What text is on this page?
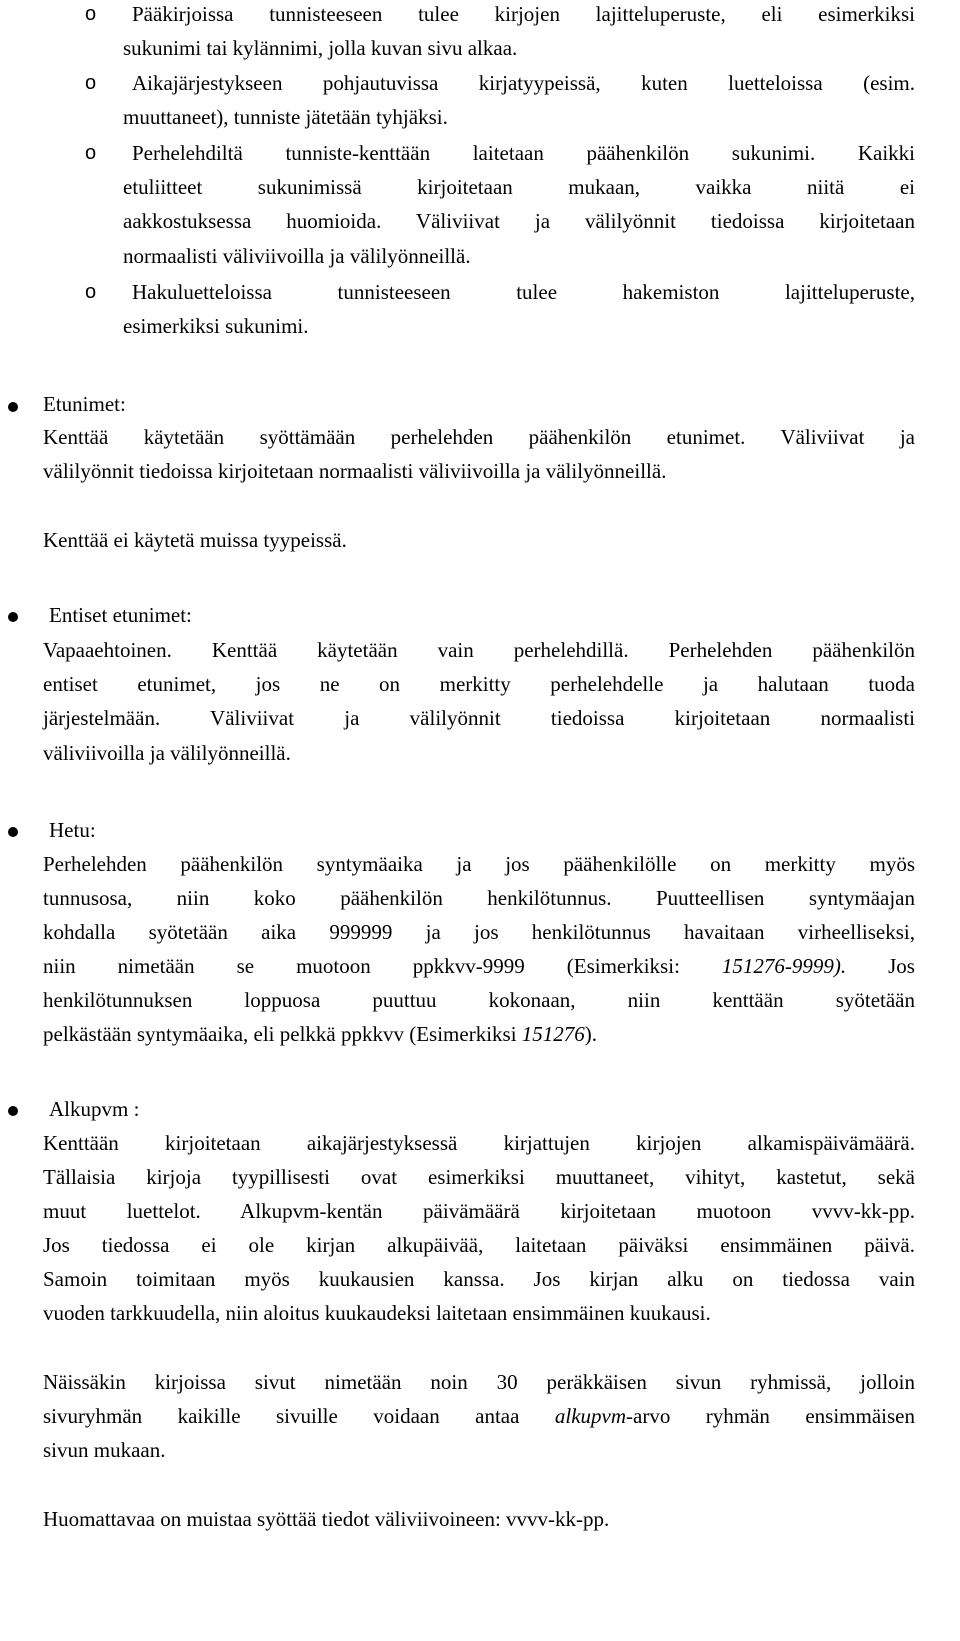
o Pääkirjoissa tunnisteeseen tulee kirjojen lajitteluperuste, eli esimerkiksi
sukunimi tai kylännimi, jolla kuvan sivu alkaa.
o Aikajärjestykseen pohjautuvissa kirjatyypeissä, kuten luetteloissa (esim.
muuttaneet), tunniste jätetään tyhjäksi.
o Perhelehdiltä tunniste-kenttään laitetaan päähenkilön sukunimi. Kaikki
etuliitteet sukunimissä kirjoitetaan mukaan, vaikka niitä ei
aakkostuksessa huomioida. Väliviivat ja välilyönnit tiedoissa kirjoitetaan
normaalisti väliviivoilla ja välilyönneillä.
o Hakuluetteloissa tunnisteeseen tulee hakemiston lajitteluperuste,
esimerkiksi sukunimi.
Etunimet:
Kenttää käytetään syöttämään perhelehden päähenkilön etunimet. Väliviivat ja
välilyönnit tiedoissa kirjoitetaan normaalisti väliviivoilla ja välilyönneillä.
Kenttää ei käytetä muissa tyypeissä.
Entiset etunimet:
Vapaaehtoinen. Kenttää käytetään vain perhelehdillä. Perhelehden päähenkilön
entiset etunimet, jos ne on merkitty perhelehdelle ja halutaan tuoda
järjestelmään. Väliviivat ja välilyönnit tiedoissa kirjoitetaan normaalisti
väliviivoilla ja välilyönneillä.
Hetu:
Perhelehden päähenkilön syntymäaika ja jos päähenkilölle on merkitty myös
tunnusosa, niin koko päähenkilön henkilötunnus. Puutteellisen syntymäajan
kohdalla syötetään aika 999999 ja jos henkilötunnus havaitaan virheelliseksi,
niin nimetään se muotoon ppkkvv-9999 (Esimerkiksi: 151276-9999). Jos
henkilötunnuksen loppuosa puuttuu kokonaan, niin kenttään syötetään
pelkästään syntymäaika, eli pelkkä ppkkvv (Esimerkiksi 151276).
Alkupvm :
Kenttään kirjoitetaan aikajärjestyksessä kirjattujen kirjojen alkamispäivämäärä.
Tällaisia kirjoja tyypillisesti ovat esimerkiksi muuttaneet, vihityt, kastetut, sekä
muut luettelot. Alkupvm-kentän päivämäärä kirjoitetaan muotoon vvvv-kk-pp.
Jos tiedossa ei ole kirjan alkupäivää, laitetaan päiväksi ensimmäinen päivä.
Samoin toimitaan myös kuukausien kanssa. Jos kirjan alku on tiedossa vain
vuoden tarkkuudella, niin aloitus kuukaudeksi laitetaan ensimmäinen kuukausi.
Näissäkin kirjoissa sivut nimetään noin 30 peräkkäisen sivun ryhmissä, jolloin
sivuryhmän kaikille sivuille voidaan antaa alkupvm-arvo ryhmän ensimmäisen
sivun mukaan.
Huomattavaa on muistaa syöttää tiedot väliviivoineen: vvvv-kk-pp.
